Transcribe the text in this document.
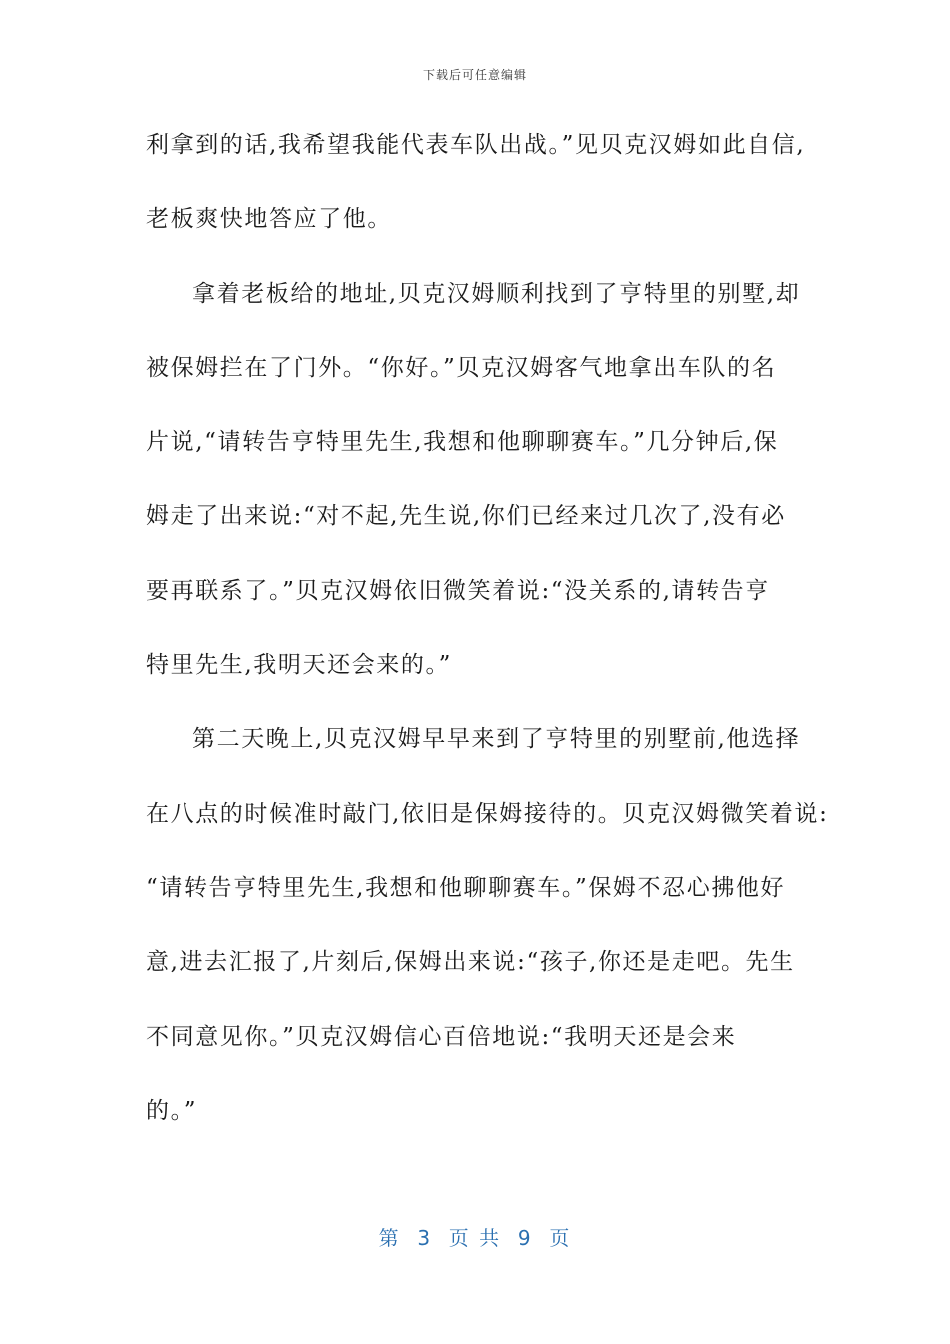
下载后可任意编辑
利拿到的话,我希望我能代表车队出战。”见贝克汉姆如此自信,
老板爽快地答应了他。
拿着老板给的地址,贝克汉姆顺利找到了亨特里的别墅,却
被保姆拦在了门外。“你好。”贝克汉姆客气地拿出车队的名
片说,“请转告亨特里先生,我想和他聊聊赛车。”几分钟后,保
姆走了出来说:“对不起,先生说,你们已经来过几次了,没有必
要再联系了。”贝克汉姆依旧微笑着说:“没关系的,请转告亨
特里先生,我明天还会来的。”
第二天晚上,贝克汉姆早早来到了亨特里的别墅前,他选择
在八点的时候准时敲门,依旧是保姆接待的。贝克汉姆微笑着说:
“请转告亨特里先生,我想和他聊聊赛车。”保姆不忍心拂他好
意,进去汇报了,片刻后,保姆出来说:“孩子,你还是走吧。先生
不同意见你。”贝克汉姆信心百倍地说:“我明天还是会来
的。”
第  3  页 共  9  页
